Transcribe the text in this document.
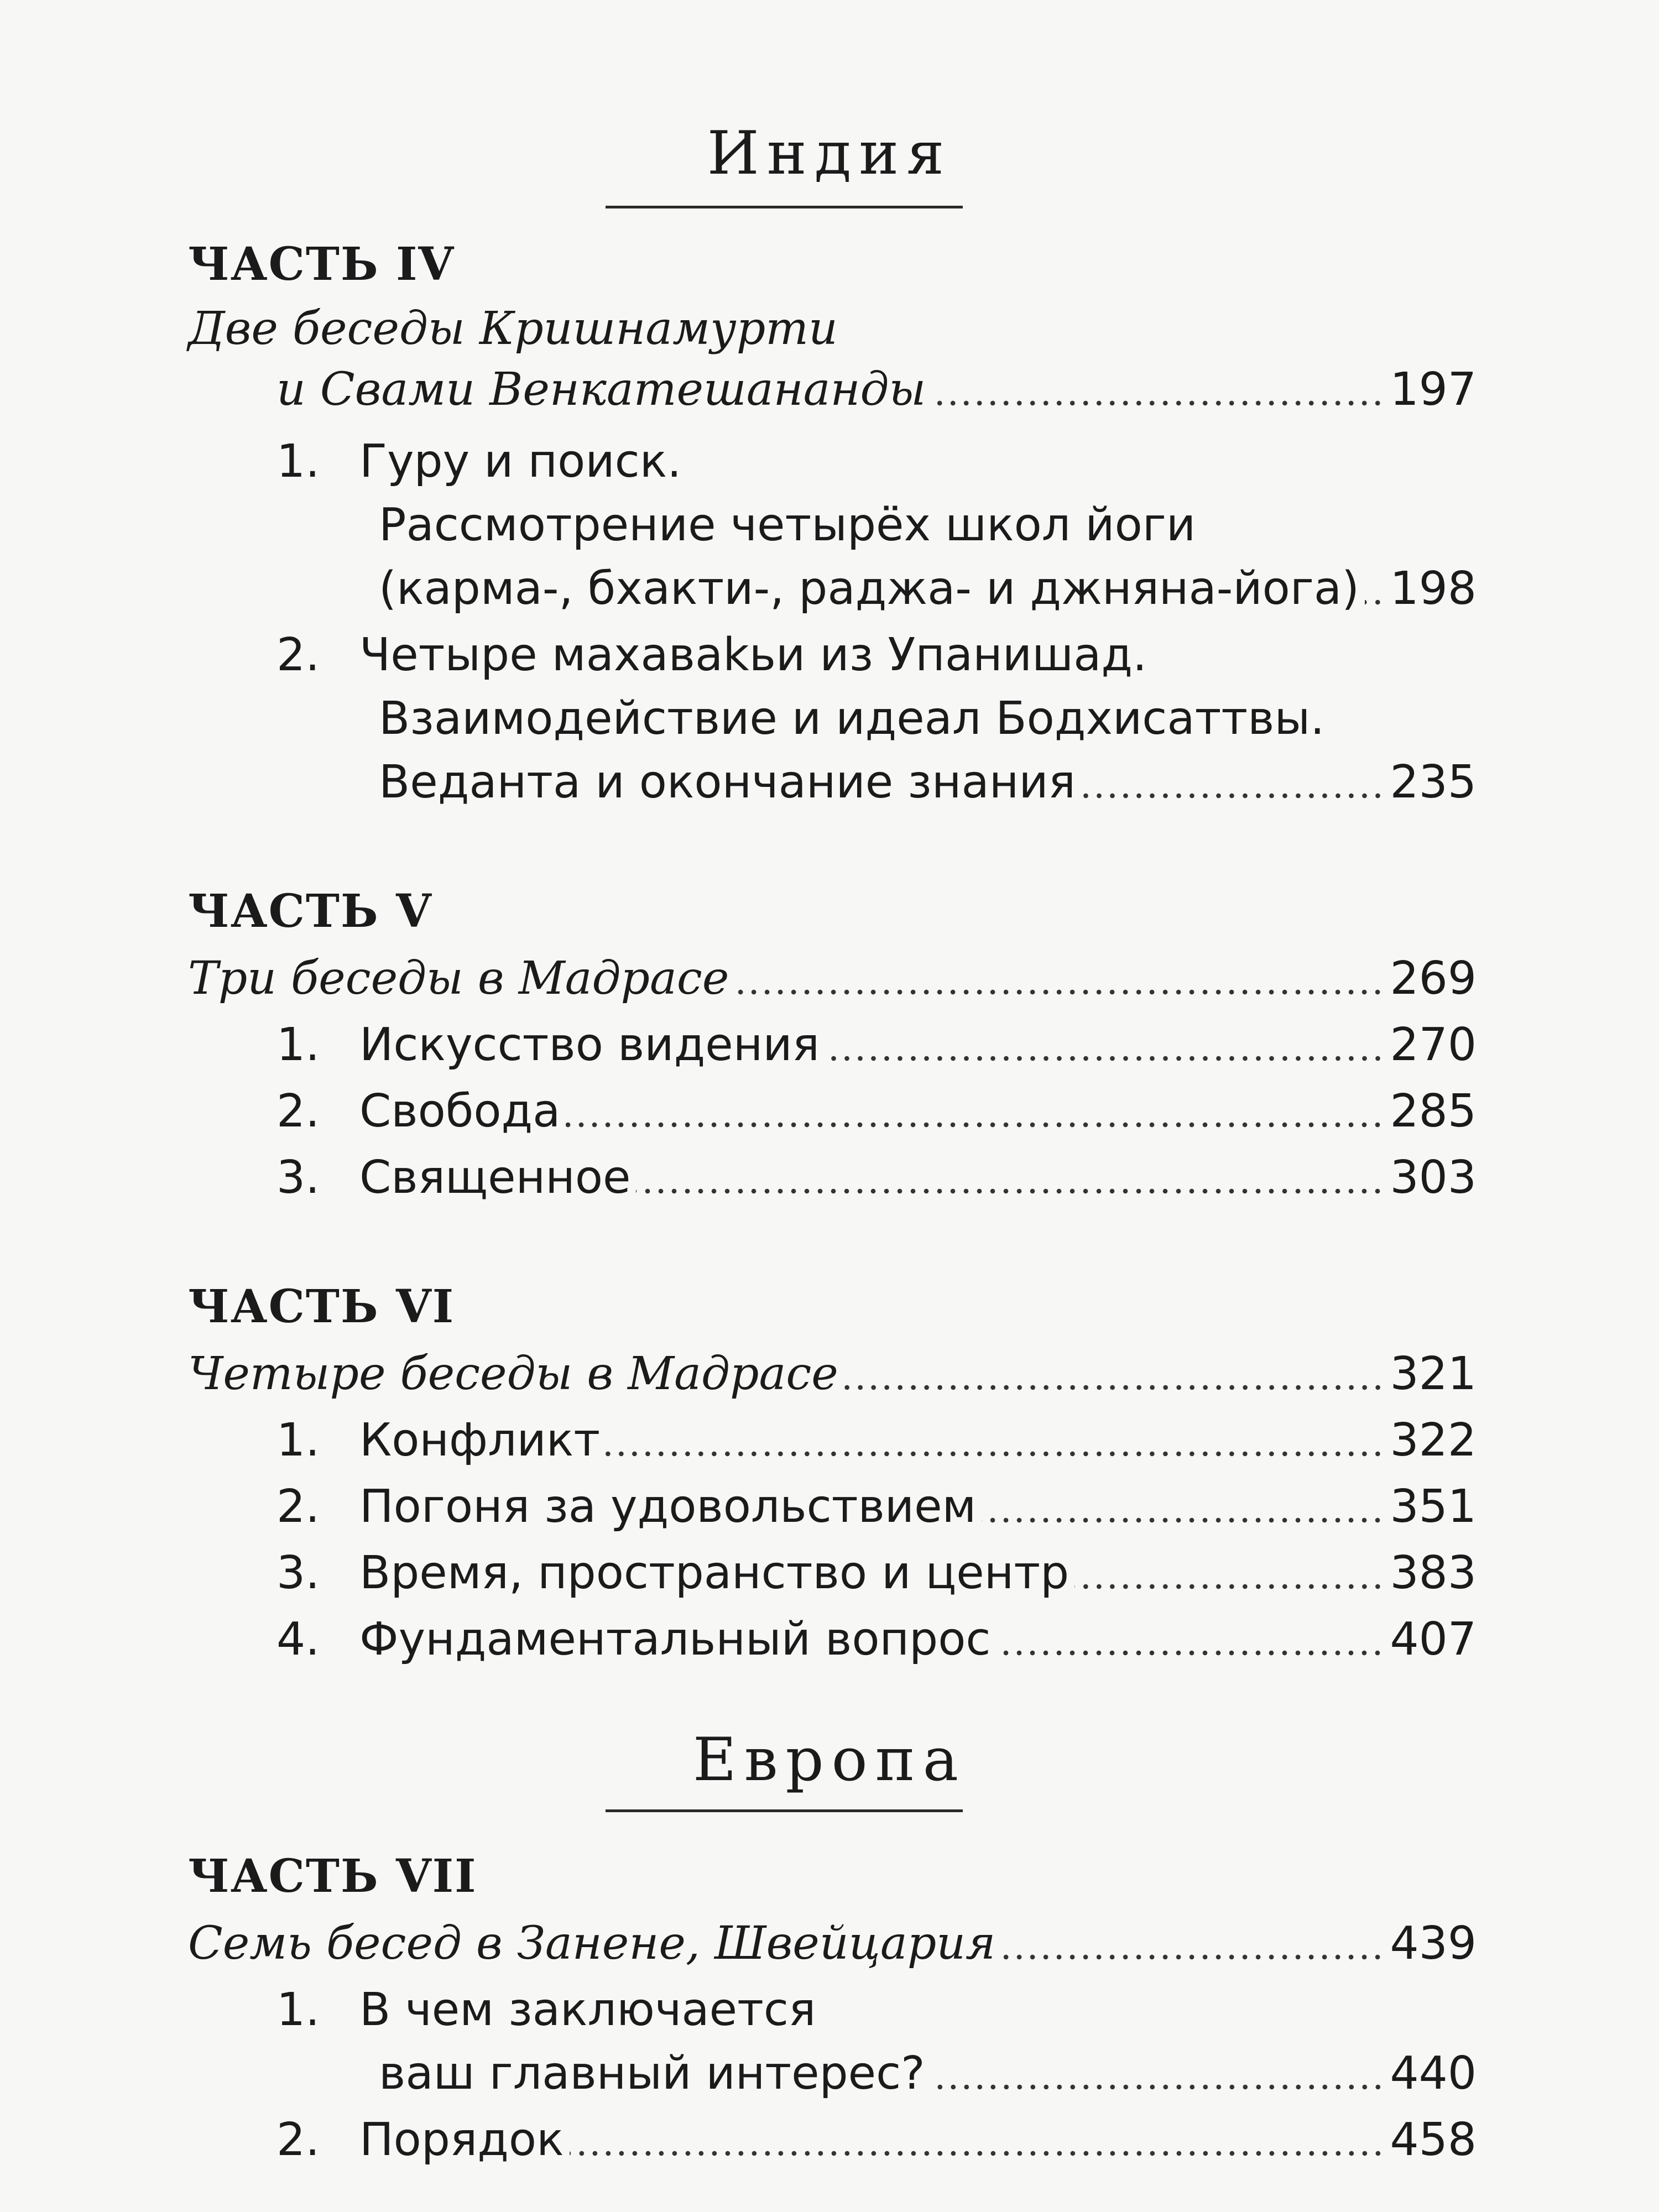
Индия
ЧАСТЬ IV
Две беседы Кришнамурти
и Свами Венкатешананды	197
1. Гуру и поиск.
Рассмотрение четырёх школ йоги
(карма-, бхакти-, раджа- и джняна-йога) 198
2. Четыре махаваkьи из Упанишад.
Взаимодействие и идеал Бодхисаттвы.
Веданта и окончание знания	235
ЧАСТЬ V
Три беседы в Мадрасе	269
1. Искусство видения	270
2. Свобода	285
3. Священное	303
ЧАСТЬ VI
Четыре беседы в Мадрасе	321
1. Конфликт	322
2. Погоня за удовольствием	351
3. Время, пространство и центр	383
4. Фундаментальный вопрос	407
Европа
ЧАСТЬ VII
Семь бесед в Занене, Швейцария	439
1. В чем заключается
ваш главный интерес?	440
2. Порядок	458
